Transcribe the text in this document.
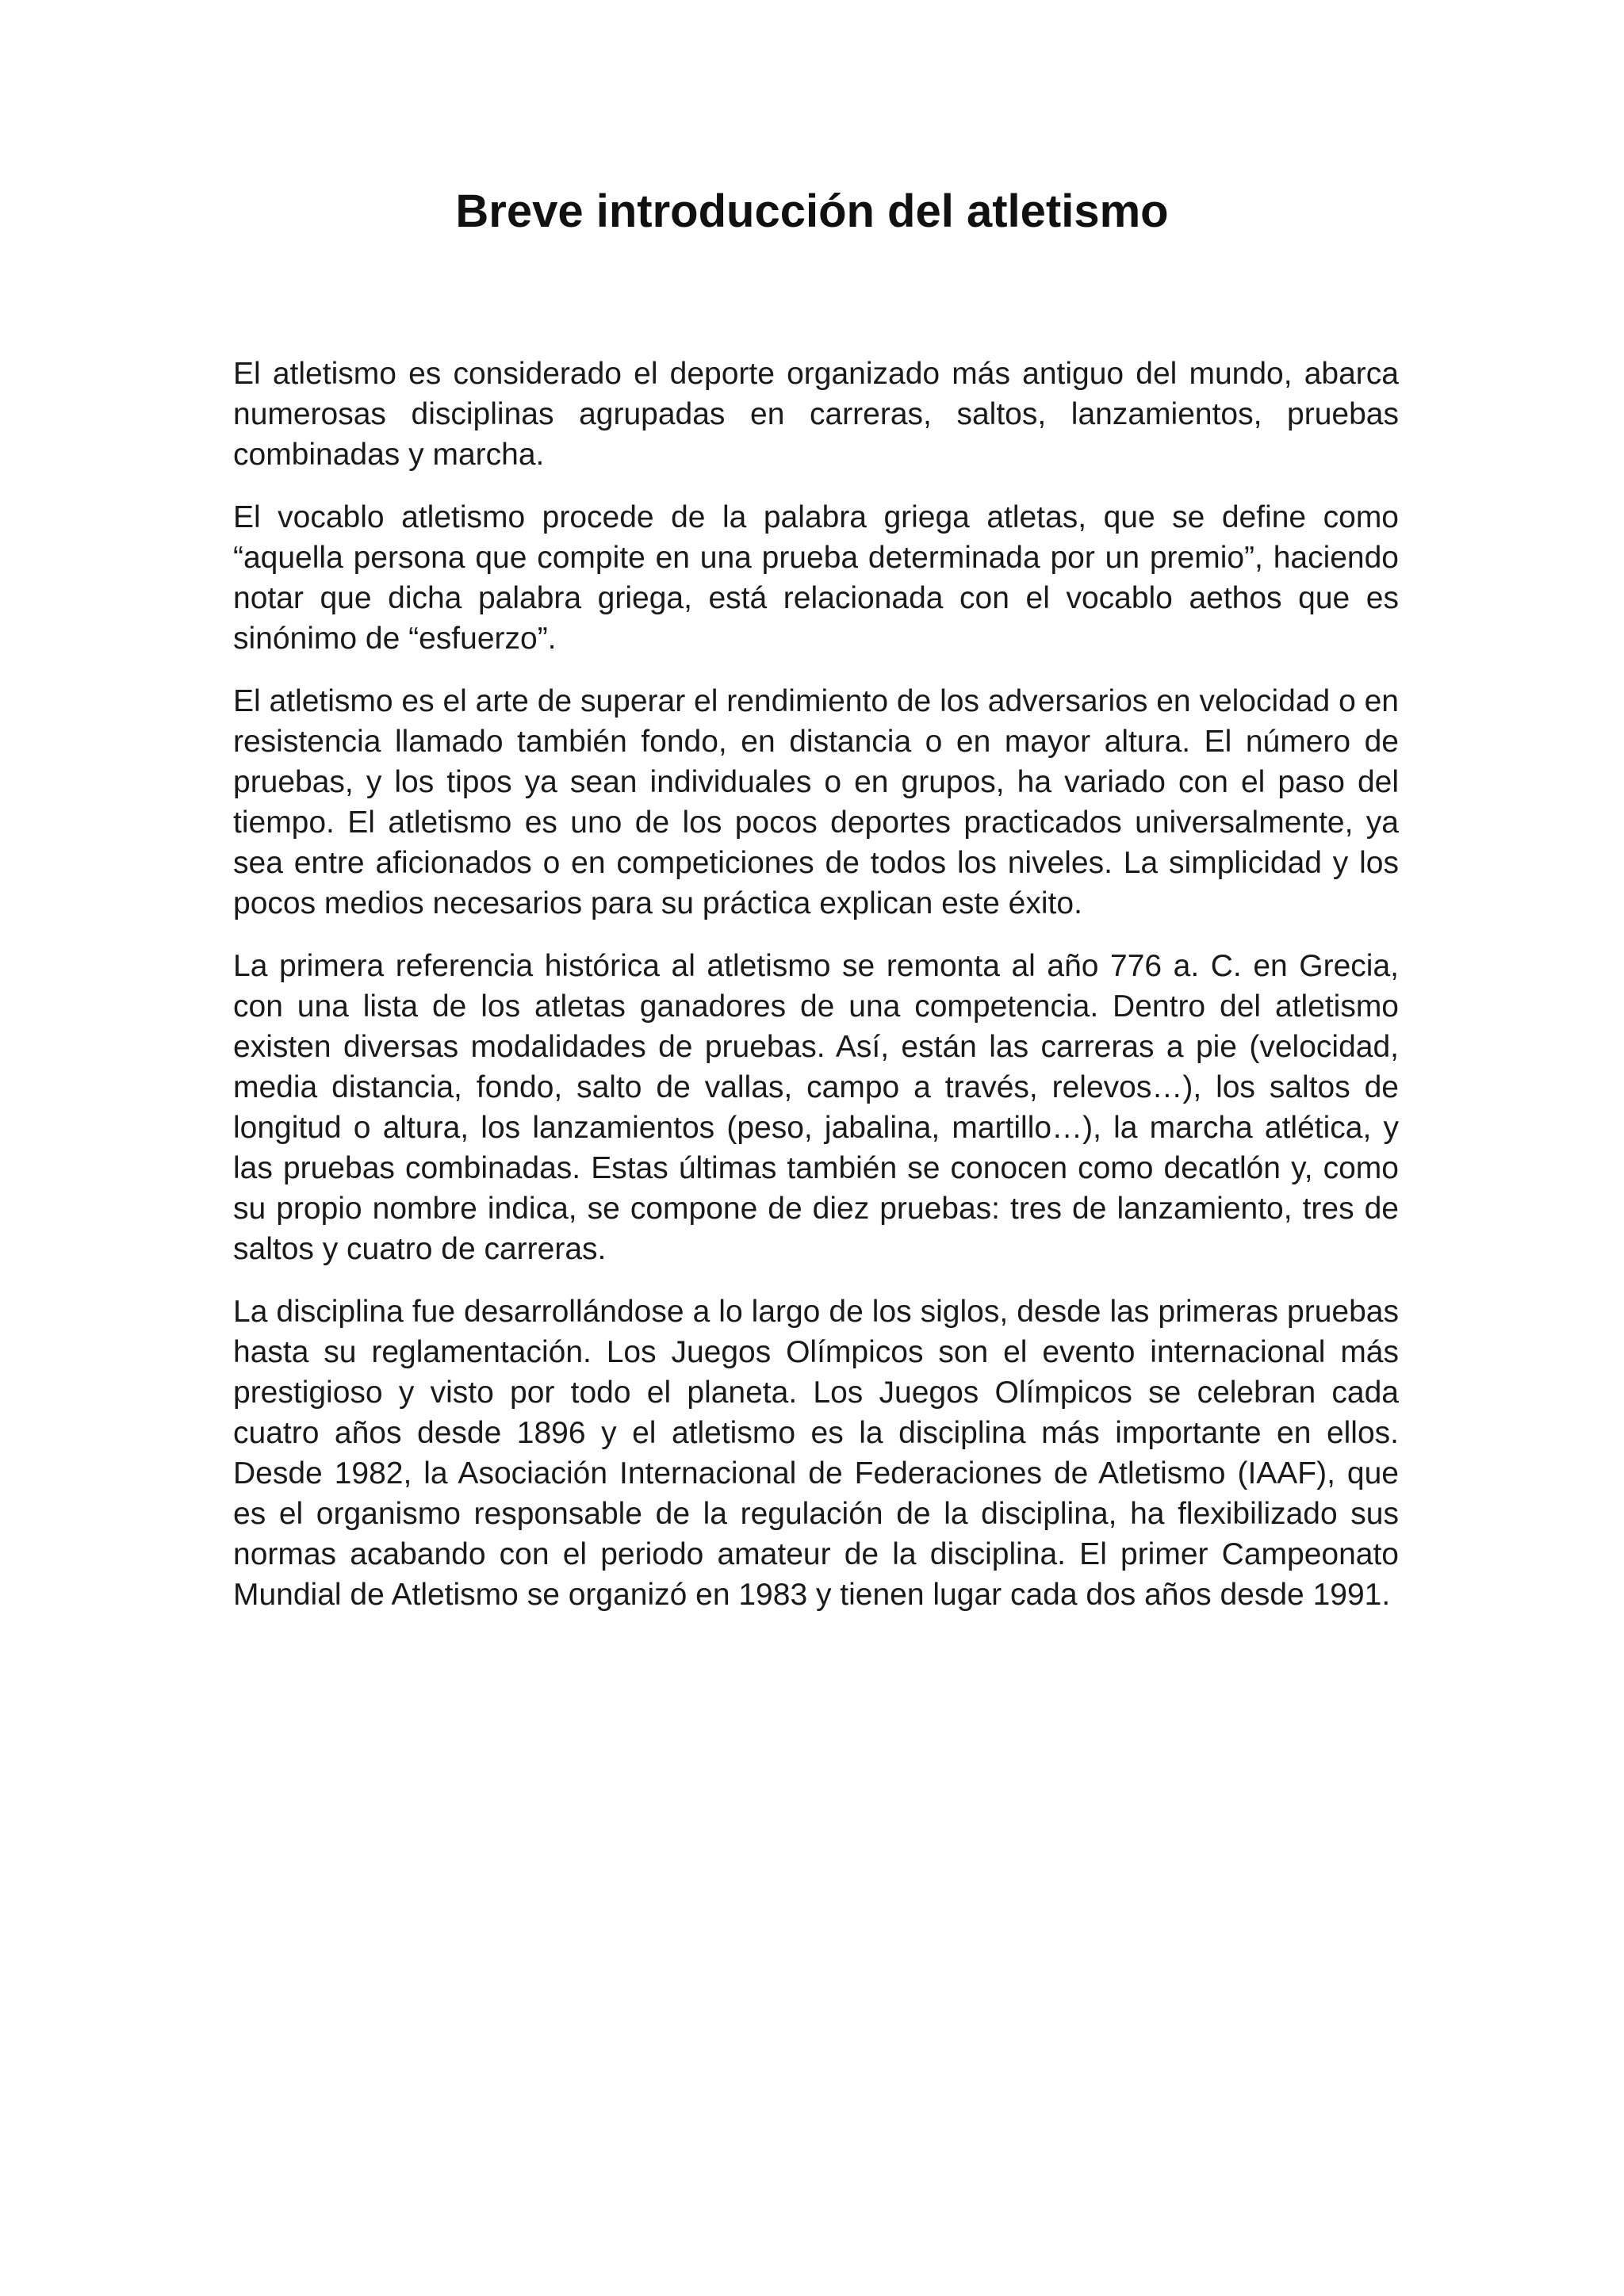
Breve introducción del atletismo

El atletismo es considerado el deporte organizado más antiguo del mundo, abarca numerosas disciplinas agrupadas en carreras, saltos, lanzamientos, pruebas combinadas y marcha.

El vocablo atletismo procede de la palabra griega atletas, que se define como “aquella persona que compite en una prueba determinada por un premio”, haciendo notar que dicha palabra griega, está relacionada con el vocablo aethos que es sinónimo de “esfuerzo”.

El atletismo es el arte de superar el rendimiento de los adversarios en velocidad o en resistencia llamado también fondo, en distancia o en mayor altura. El número de pruebas, y los tipos ya sean individuales o en grupos, ha variado con el paso del tiempo. El atletismo es uno de los pocos deportes practicados universalmente, ya sea entre aficionados o en competiciones de todos los niveles. La simplicidad y los pocos medios necesarios para su práctica explican este éxito.

La primera referencia histórica al atletismo se remonta al año 776 a. C. en Grecia, con una lista de los atletas ganadores de una competencia. Dentro del atletismo existen diversas modalidades de pruebas. Así, están las carreras a pie (velocidad, media distancia, fondo, salto de vallas, campo a través, relevos…), los saltos de longitud o altura, los lanzamientos (peso, jabalina, martillo…), la marcha atlética, y las pruebas combinadas. Estas últimas también se conocen como decatlón y, como su propio nombre indica, se compone de diez pruebas: tres de lanzamiento, tres de saltos y cuatro de carreras.

La disciplina fue desarrollándose a lo largo de los siglos, desde las primeras pruebas hasta su reglamentación. Los Juegos Olímpicos son el evento internacional más prestigioso y visto por todo el planeta. Los Juegos Olímpicos se celebran cada cuatro años desde 1896 y el atletismo es la disciplina más importante en ellos. Desde 1982, la Asociación Internacional de Federaciones de Atletismo (IAAF), que es el organismo responsable de la regulación de la disciplina, ha flexibilizado sus normas acabando con el periodo amateur de la disciplina. El primer Campeonato Mundial de Atletismo se organizó en 1983 y tienen lugar cada dos años desde 1991.
